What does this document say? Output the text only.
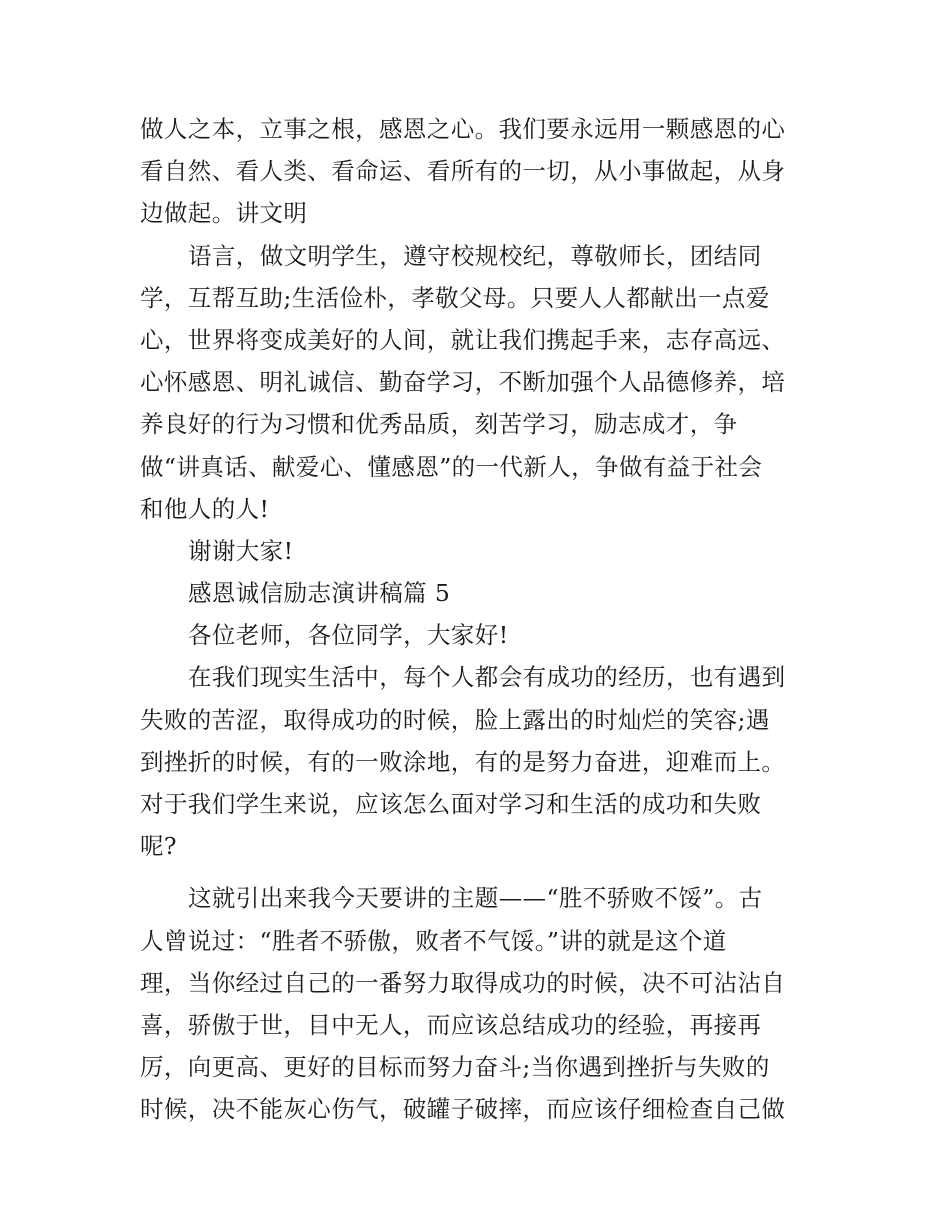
做人之本，立事之根，感恩之心。我们要永远用一颗感恩的心
看自然、看人类、看命运、看所有的一切，从小事做起，从身
边做起。讲文明
语言，做文明学生，遵守校规校纪，尊敬师长，团结同
学，互帮互助;生活俭朴，孝敬父母。只要人人都献出一点爱
心，世界将变成美好的人间，就让我们携起手来，志存高远、
心怀感恩、明礼诚信、勤奋学习，不断加强个人品德修养，培
养良好的行为习惯和优秀品质，刻苦学习，励志成才，争
做“讲真话、献爱心、懂感恩”的一代新人，争做有益于社会
和他人的人!
谢谢大家!
感恩诚信励志演讲稿篇 5
各位老师，各位同学，大家好!
在我们现实生活中，每个人都会有成功的经历，也有遇到
失败的苦涩，取得成功的时候，脸上露出的时灿烂的笑容;遇
到挫折的时候，有的一败涂地，有的是努力奋进，迎难而上。
对于我们学生来说，应该怎么面对学习和生活的成功和失败
呢?
这就引出来我今天要讲的主题——“胜不骄败不馁”。古
人曾说过：“胜者不骄傲，败者不气馁。”讲的就是这个道
理，当你经过自己的一番努力取得成功的时候，决不可沾沾自
喜，骄傲于世，目中无人，而应该总结成功的经验，再接再
厉，向更高、更好的目标而努力奋斗;当你遇到挫折与失败的
时候，决不能灰心伤气，破罐子破摔，而应该仔细检查自己做
